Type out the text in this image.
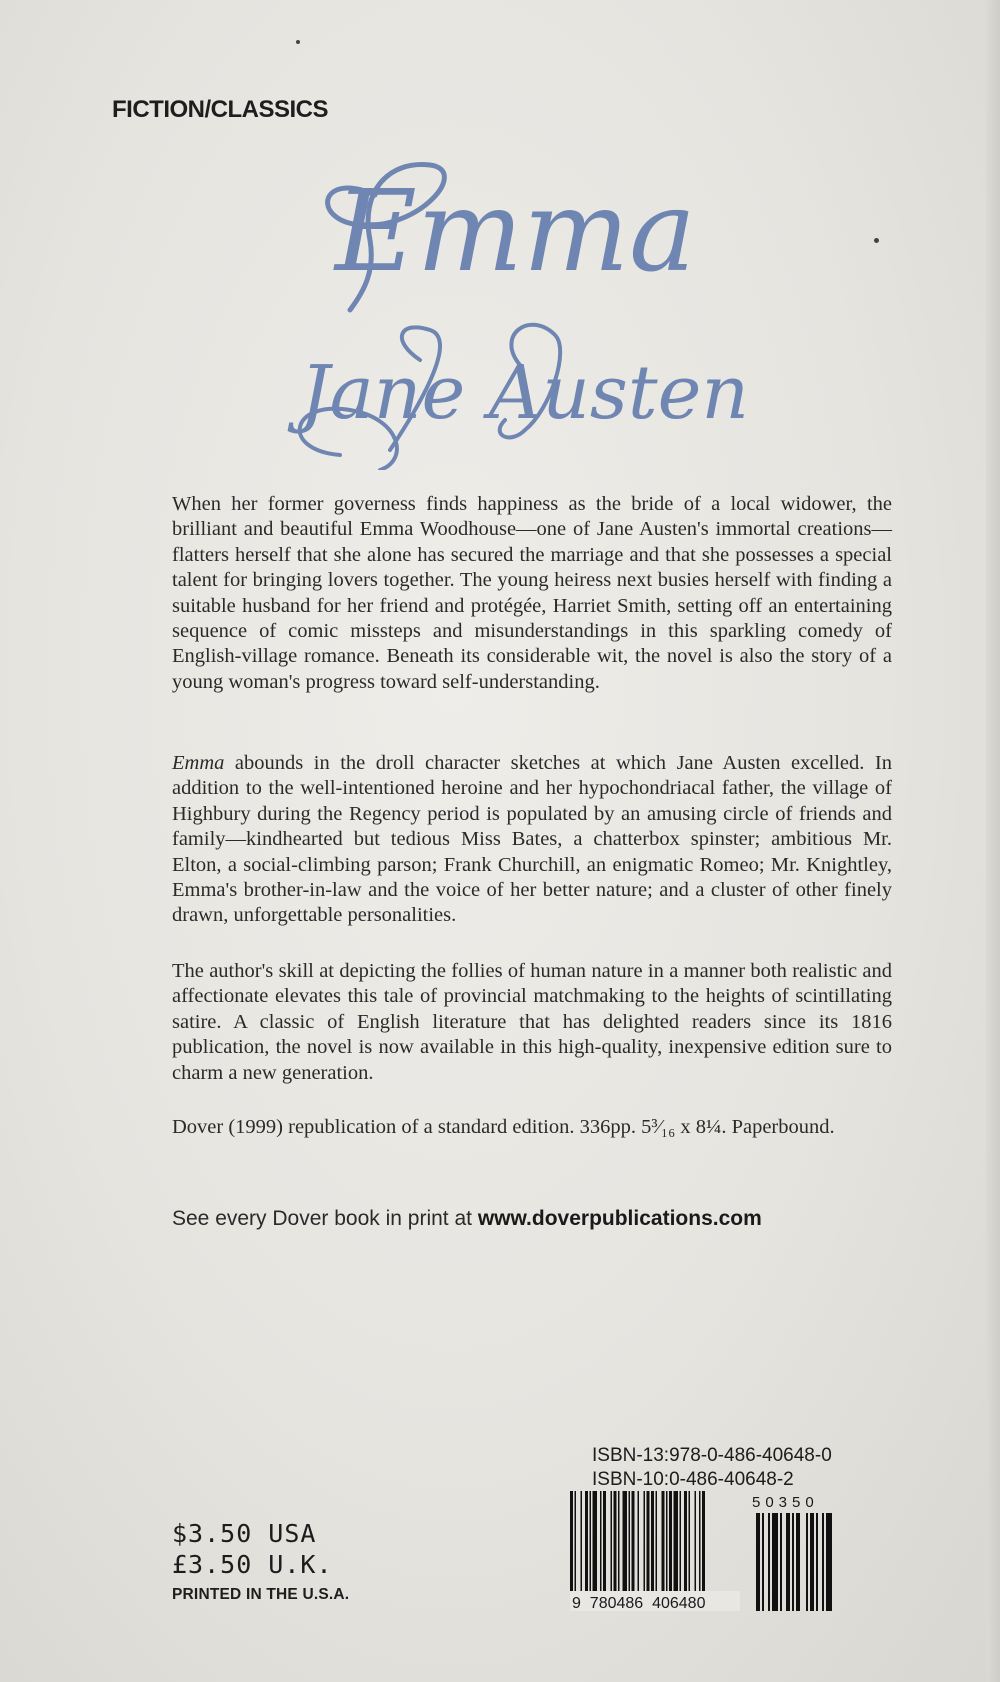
FICTION/CLASSICS
Emma
Jane Austen

When her former governess finds happiness as the bride of a local widower, the brilliant and beautiful Emma Woodhouse—one of Jane Austen's immortal creations—flatters herself that she alone has secured the marriage and that she possesses a special talent for bringing lovers together. The young heiress next busies herself with finding a suitable husband for her friend and protégée, Harriet Smith, setting off an entertaining sequence of comic missteps and misunderstandings in this sparkling comedy of English-village romance. Beneath its considerable wit, the novel is also the story of a young woman's progress toward self-understanding.

Emma abounds in the droll character sketches at which Jane Austen excelled. In addition to the well-intentioned heroine and her hypochondriacal father, the village of Highbury during the Regency period is populated by an amusing circle of friends and family—kindhearted but tedious Miss Bates, a chatterbox spinster; ambitious Mr. Elton, a social-climbing parson; Frank Churchill, an enigmatic Romeo; Mr. Knightley, Emma's brother-in-law and the voice of her better nature; and a cluster of other finely drawn, unforgettable personalities.

The author's skill at depicting the follies of human nature in a manner both realistic and affectionate elevates this tale of provincial matchmaking to the heights of scintillating satire. A classic of English literature that has delighted readers since its 1816 publication, the novel is now available in this high-quality, inexpensive edition sure to charm a new generation.

Dover (1999) republication of a standard edition. 336pp. 5³⁄₁₆ x 8¼. Paperbound.

See every Dover book in print at www.doverpublications.com
$3.50 USA
£3.50 U.K.
PRINTED IN THE U.S.A.
ISBN-13:978-0-486-40648-0
ISBN-10:0-486-40648-2
9  780486  406480
50350
